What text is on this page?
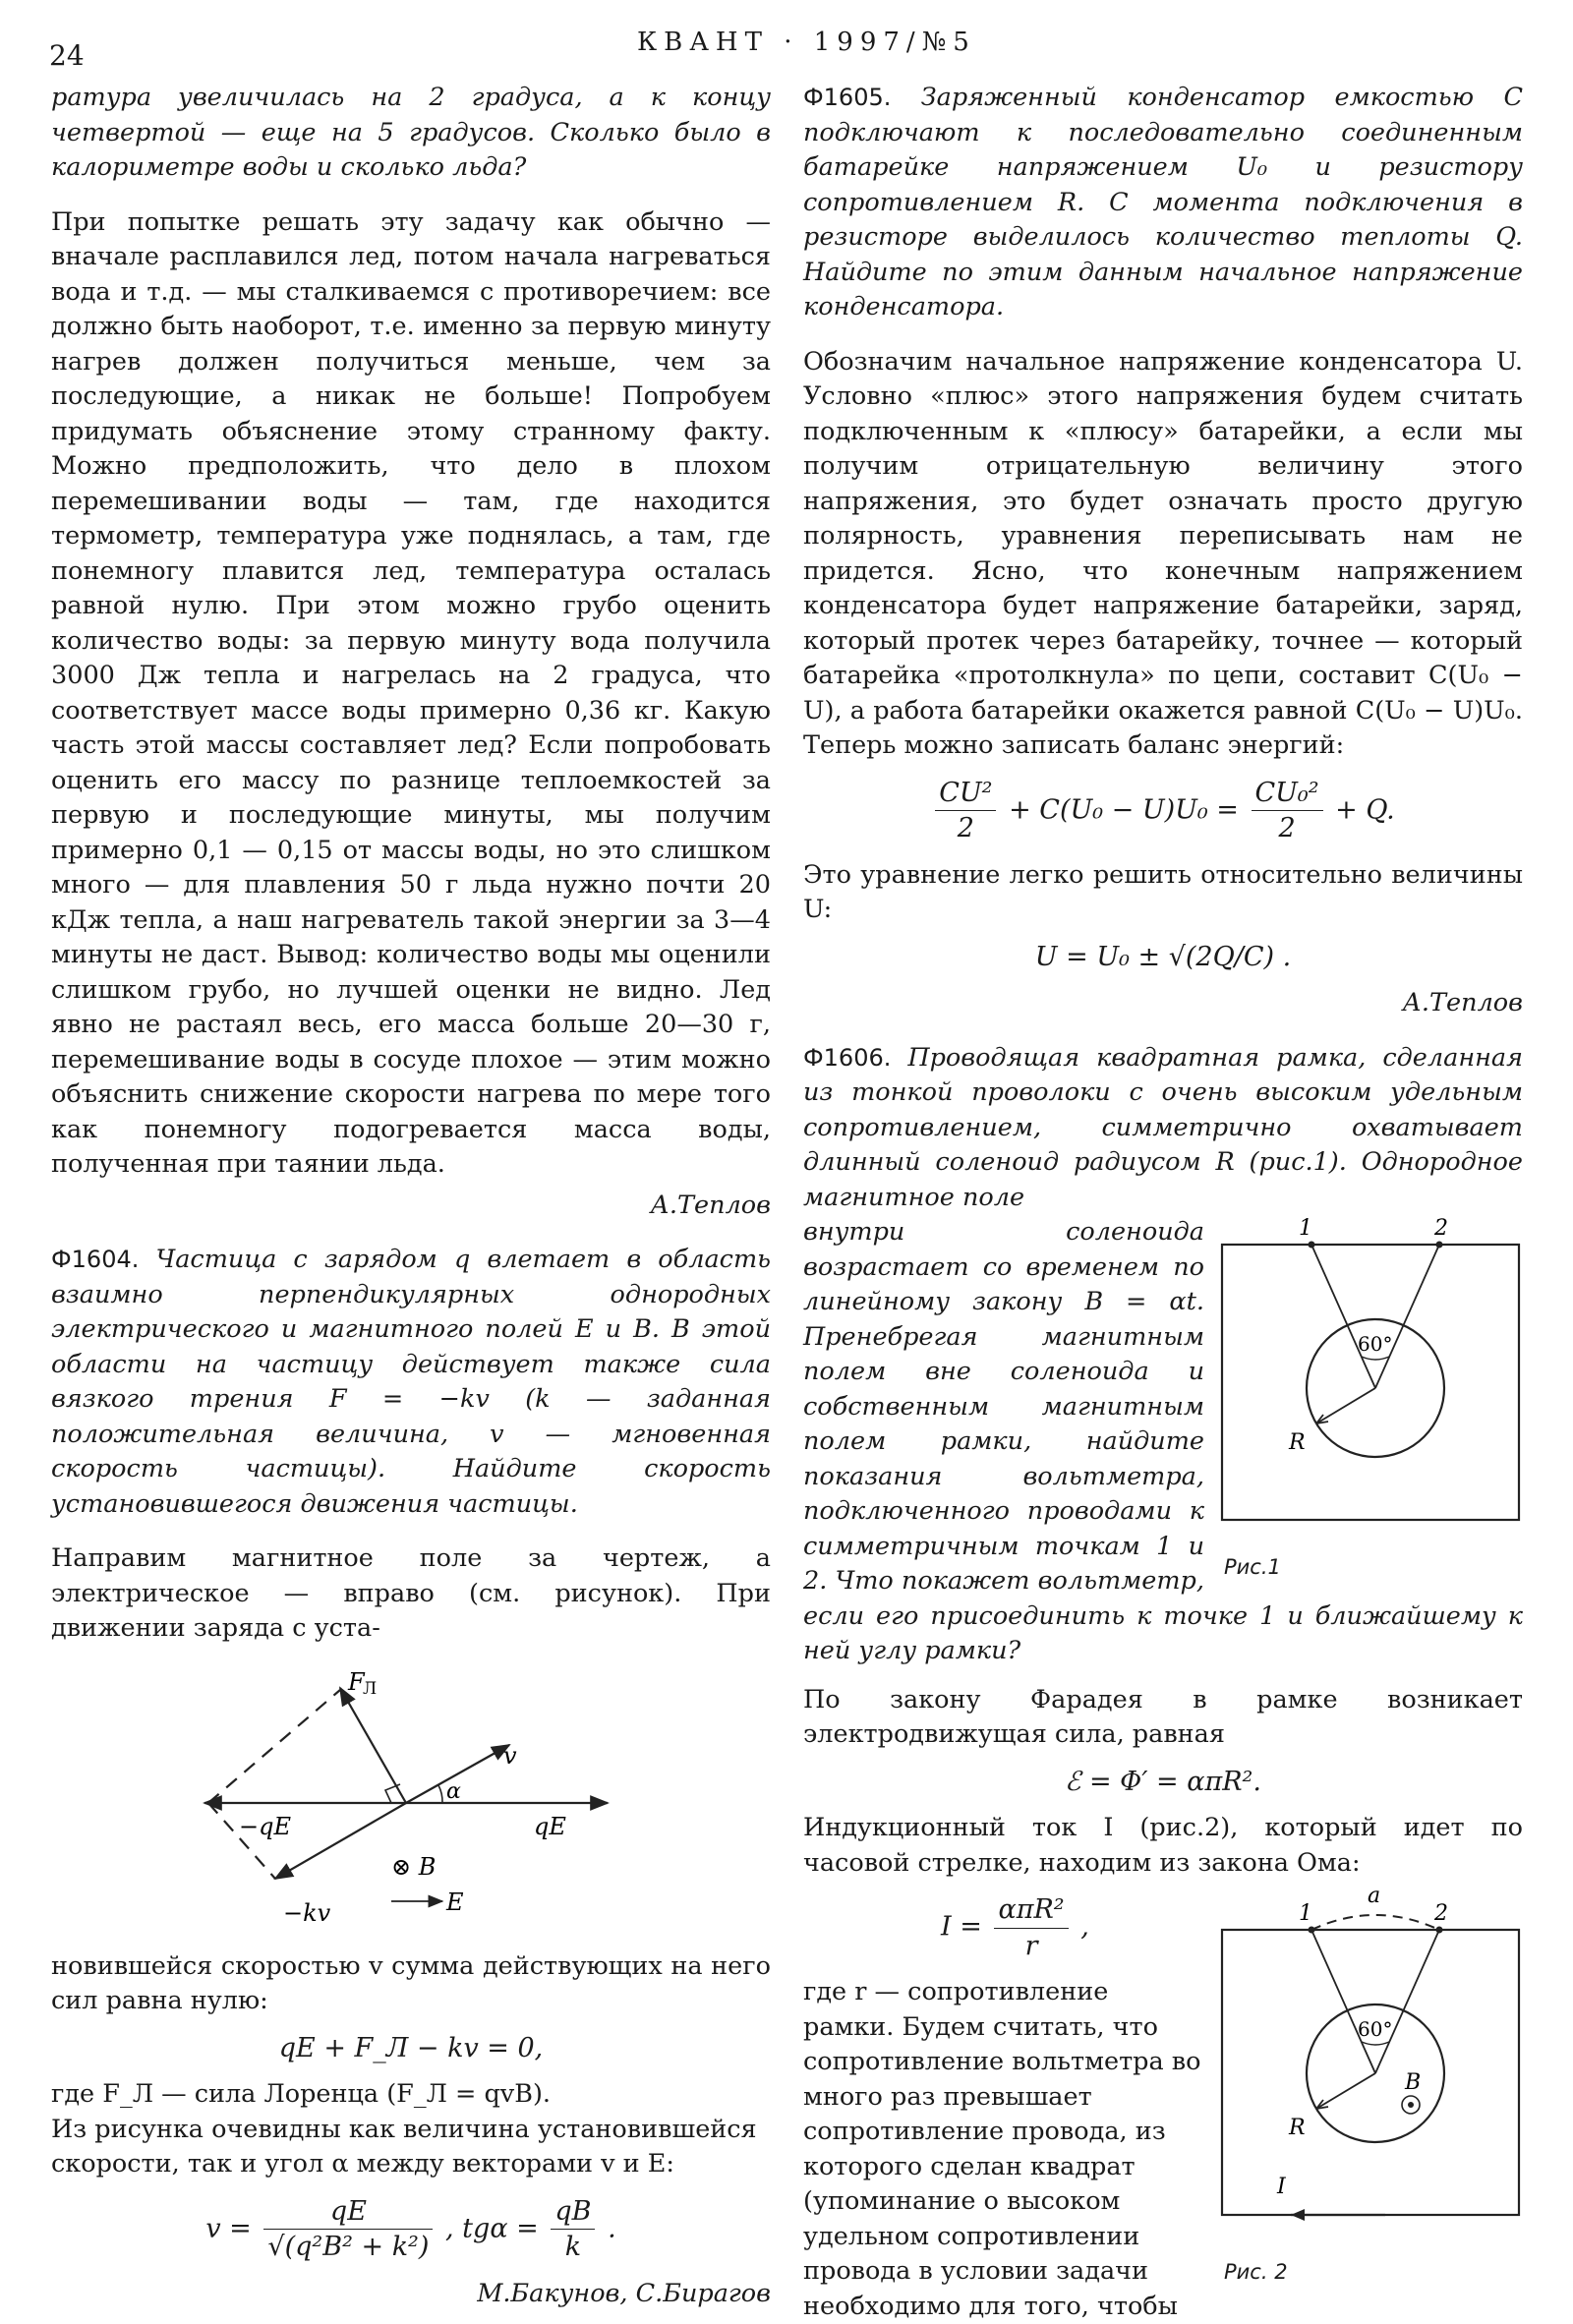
24	КВАНТ · 1997/№5

ратура увеличилась на 2 градуса, а к концу четвертой — еще на 5 градусов. Сколько было в калориметре воды и сколько льда?

При попытке решать эту задачу как обычно — вначале расплавился лед, потом начала нагреваться вода и т.д. — мы сталкиваемся с противоречием: все должно быть наоборот, т.е. именно за первую минуту нагрев должен получиться меньше, чем за последующие, а никак не больше! Попробуем придумать объяснение этому странному факту. Можно предположить, что дело в плохом перемешивании воды — там, где находится термометр, температура уже поднялась, а там, где понемногу плавится лед, температура осталась равной нулю. При этом можно грубо оценить количество воды: за первую минуту вода получила 3000 Дж тепла и нагрелась на 2 градуса, что соответствует массе воды примерно 0,36 кг. Какую часть этой массы составляет лед? Если попробовать оценить его массу по разнице теплоемкостей за первую и последующие минуты, мы получим примерно 0,1 — 0,15 от массы воды, но это слишком много — для плавления 50 г льда нужно почти 20 кДж тепла, а наш нагреватель такой энергии за 3—4 минуты не даст. Вывод: количество воды мы оценили слишком грубо, но лучшей оценки не видно. Лед явно не растаял весь, его масса больше 20—30 г, перемешивание воды в сосуде плохое — этим можно объяснить снижение скорости нагрева по мере того как понемногу подогревается масса воды, полученная при таянии льда.

А.Теплов

Ф1604. Частица с зарядом q влетает в область взаимно перпендикулярных однородных электрического и магнитного полей E и B. В этой области на частицу действует также сила вязкого трения F = −kv (k — заданная положительная величина, v — мгновенная скорость частицы). Найдите скорость установившегося движения частицы.

Направим магнитное поле за чертеж, а электрическое — вправо (см. рисунок). При движении заряда с уста-

F
Л
v
α
−qE	qE
−kv
⊗ B
E

новившейся скоростью v сумма действующих на него сил равна нулю:

qE + F_Л − kv = 0,

где F_Л — сила Лоренца (F_Л = qvB).

Из рисунка очевидны как величина установившейся скорости, так и угол α между векторами v и E:

$v = \frac{qE}{\text{√(q²B² + k²)}}$ , $tg\alpha = \frac{qB}{k}$ .

М.Бакунов, С.Бирагов

Ф1605. Заряженный конденсатор емкостью C подключают к последовательно соединенным батарейке напряжением U₀ и резистору сопротивлением R. С момента подключения в резисторе выделилось количество теплоты Q. Найдите по этим данным начальное напряжение конденсатора.

Обозначим начальное напряжение конденсатора U. Условно «плюс» этого напряжения будем считать подключенным к «плюсу» батарейки, а если мы получим отрицательную величину этого напряжения, это будет означать просто другую полярность, уравнения переписывать нам не придется. Ясно, что конечным напряжением конденсатора будет напряжение батарейки, заряд, который протек через батарейку, точнее — который батарейка «протолкнула» по цепи, составит C(U₀ − U), а работа батарейки окажется равной C(U₀ − U)U₀. Теперь можно записать баланс энергий:

$\frac{\text{CU²}}{2} + C(U_0 - U)U_0 = \frac{\text{CU₀²}}{2} + Q$.

Это уравнение легко решить относительно величины U:

U = U₀ ± √(2Q/C) .

А.Теплов

Ф1606. Проводящая квадратная рамка, сделанная из тонкой проволоки с очень высоким удельным сопротивлением, симметрично охватывает длинный соленоид радиусом R (рис.1). Однородное магнитное поле

1	2
60°
R
Рис.1

внутри соленоида возрастает со временем по линейному закону B = αt. Пренебрегая магнитным полем вне соленоида и собственным магнитным полем рамки, найдите показания вольтметра, подключенного проводами к симметричным точкам 1 и 2. Что покажет вольтметр, если его присоединить к точке 1 и ближайшему к ней углу рамки?

По закону Фарадея в рамке возникает электродвижущая сила, равная

ℰ = Φ′ = απR².

Индукционный ток I (рис.2), который идет по часовой стрелке, находим из закона Ома:

1	2
a
60°
B
R
I
Рис. 2
$I = \frac{\text{απR²}}{r}$ ,

где r — сопротивление рамки. Будем считать, что сопротивление вольтметра во много раз превышает сопротивление провода, из которого сделан квадрат (упоминание о высоком удельном сопротивлении провода в условии задачи необходимо для того, чтобы
